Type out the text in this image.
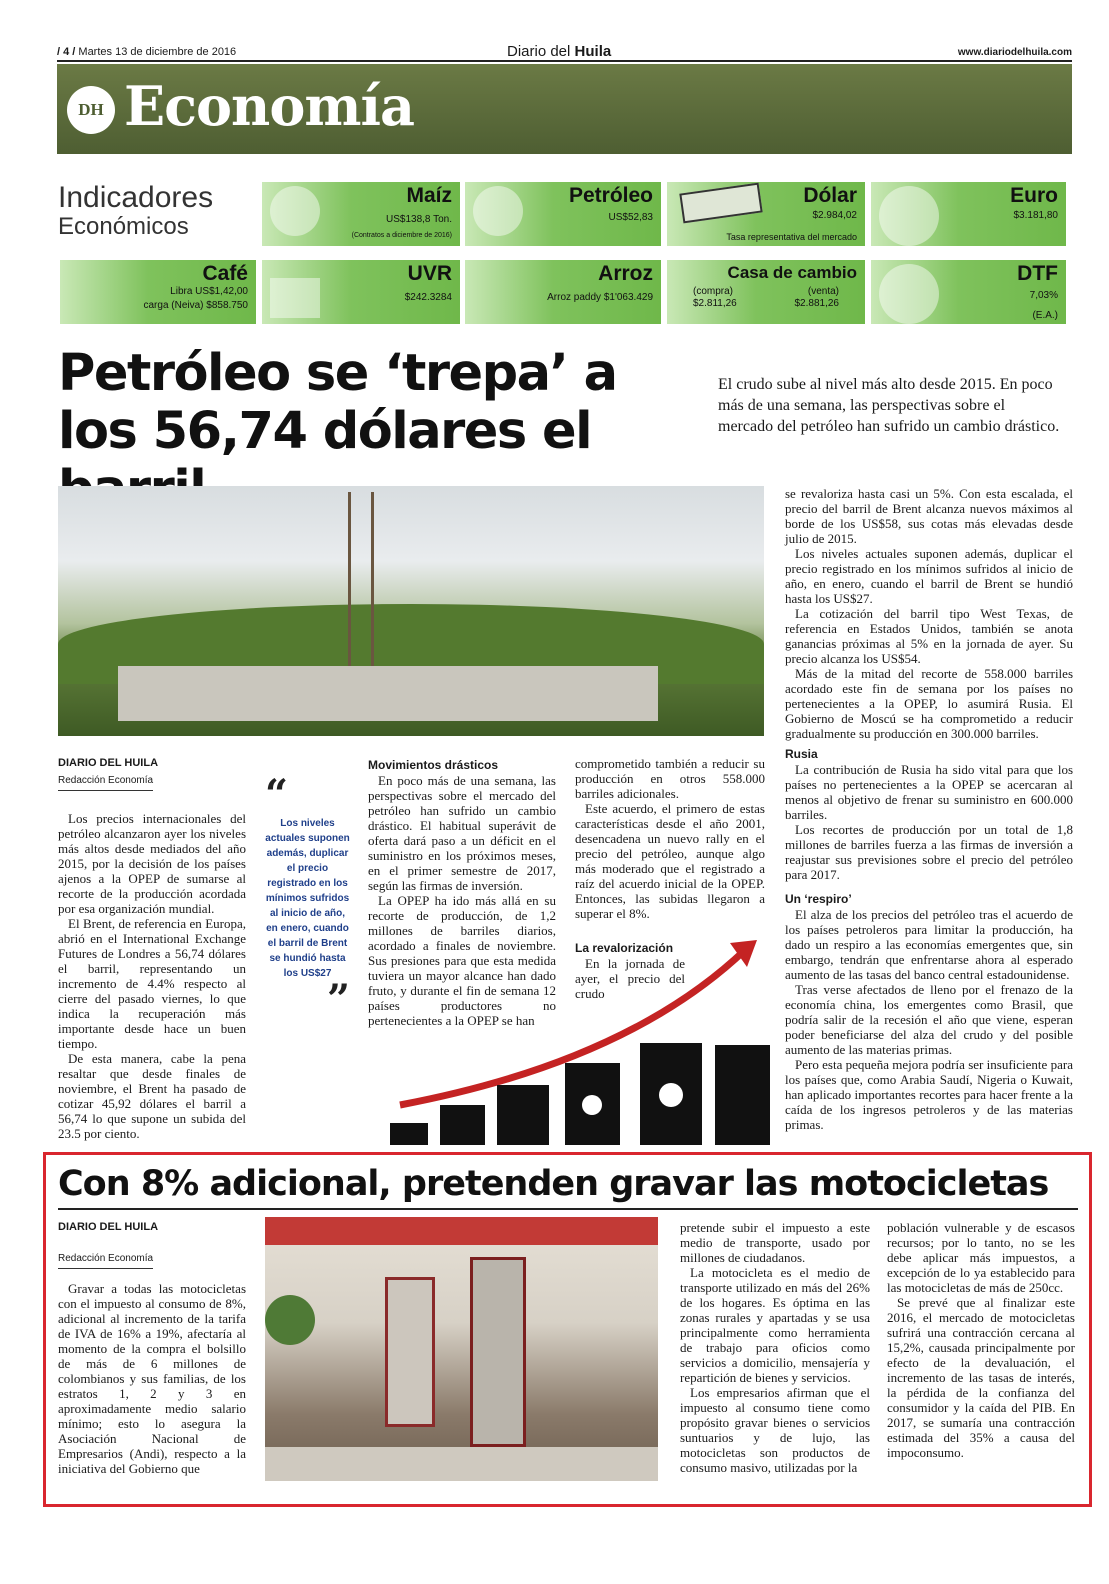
/ 4 / Martes 13 de diciembre de 2016	Diario del Huila	www.diariodelhuila.com
DH Economía
Indicadores
Económicos
Maíz
US$138,8 Ton.
(Contratos a diciembre de 2016)
Petróleo
US$52,83
Dólar
$2.984,02
Tasa representativa del mercado
Euro
$3.181,80
Café
Libra US$1,42,00
carga (Neiva) $858.750
UVR
$242.3284
Arroz
Arroz paddy $1'063.429
Casa de cambio
(compra)
$2.811,26
(venta)
$2.881,26
DTF
7,03%
(E.A.)
Petróleo se ‘trepa’ a los 56,74 dólares el
El crudo sube al nivel más alto desde 2015. En poco más de una semana, las perspectivas sobre el mercado del petróleo han sufrido un cambio drástico.
DIARIO DEL HUILA
Redacción Economía

Los precios internacionales del petróleo alcanzaron ayer los niveles más altos desde mediados del año 2015, por la decisión de los países ajenos a la OPEP de sumarse al recorte de la producción acordada por esa organización mundial.

El Brent, de referencia en Europa, abrió en el International Exchange Futures de Londres a 56,74 dólares el barril, representando un incremento de 4.4% respecto al cierre del pasado viernes, lo que indica la recuperación más importante desde hace un buen tiempo.

De esta manera, cabe la pena resaltar que desde finales de noviembre, el Brent ha pasado de cotizar 45,92 dólares el barril a 56,74 lo que supone un subida del 23.5 por ciento.

“
Los niveles actuales suponen además, duplicar el precio registrado en los mínimos sufridos al inicio de año, en enero, cuando el barril de Brent se hundió hasta los US$27
”
Movimientos drásticos

En poco más de una semana, las perspectivas sobre el mercado del petróleo han sufrido un cambio drástico. El habitual superávit de oferta dará paso a un déficit en el suministro en los próximos meses, en el primer semestre de 2017, según las firmas de inversión.

La OPEP ha ido más allá en su recorte de producción, de 1,2 millones de barriles diarios, acordado a finales de noviembre. Sus presiones para que esta medida tuviera un mayor alcance han dado fruto, y durante el fin de semana 12 países productores no pertenecientes a la OPEP se han

comprometido también a reducir su producción en otros 558.000 barriles adicionales.

Este acuerdo, el primero de estas características desde el año 2001, desencadena un nuevo rally en el precio del petróleo, aunque algo más moderado que el registrado a raíz del acuerdo inicial de la OPEP. Entonces, las subidas llegaron a superar el 8%.

La revalorización

En la jornada de ayer, el precio del crudo

se revaloriza hasta casi un 5%. Con esta escalada, el precio del barril de Brent alcanza nuevos máximos al borde de los US$58, sus cotas más elevadas desde julio de 2015.

Los niveles actuales suponen además, duplicar el precio registrado en los mínimos sufridos al inicio de año, en enero, cuando el barril de Brent se hundió hasta los US$27.

La cotización del barril tipo West Texas, de referencia en Estados Unidos, también se anota ganancias próximas al 5% en la jornada de ayer. Su precio alcanza los US$54.

Más de la mitad del recorte de 558.000 barriles acordado este fin de semana por los países no pertenecientes a la OPEP, lo asumirá Rusia. El Gobierno de Moscú se ha comprometido a reducir gradualmente su producción en 300.000 barriles.

Rusia

La contribución de Rusia ha sido vital para que los países no pertenecientes a la OPEP se acercaran al menos al objetivo de frenar su suministro en 600.000 barriles.

Los recortes de producción por un total de 1,8 millones de barriles fuerza a las firmas de inversión a reajustar sus previsiones sobre el precio del petróleo para 2017.

Un ‘respiro’

El alza de los precios del petróleo tras el acuerdo de los países petroleros para limitar la producción, ha dado un respiro a las economías emergentes que, sin embargo, tendrán que enfrentarse ahora al esperado aumento de las tasas del banco central estadounidense.

Tras verse afectados de lleno por el frenazo de la economía china, los emergentes como Brasil, que podría salir de la recesión el año que viene, esperan poder beneficiarse del alza del crudo y del posible aumento de las materias primas.

Pero esta pequeña mejora podría ser insuficiente para los países que, como Arabia Saudí, Nigeria o Kuwait, han aplicado importantes recortes para hacer frente a la caída de los ingresos petroleros y de las materias primas.

Con 8% adicional, pretenden gravar las motocicletas
DIARIO DEL HUILA
Redacción Economía

Gravar a todas las motocicletas con el impuesto al consumo de 8%, adicional al incremento de la tarifa de IVA de 16% a 19%, afectaría al momento de la compra el bolsillo de más de 6 millones de colombianos y sus familias, de los estratos 1, 2 y 3 en aproximadamente medio salario mínimo; esto lo asegura la Asociación Nacional de Empresarios (Andi), respecto a la iniciativa del Gobierno que

pretende subir el impuesto a este medio de transporte, usado por millones de ciudadanos.

La motocicleta es el medio de transporte utilizado en más del 26% de los hogares. Es óptima en las zonas rurales y apartadas y se usa principalmente como herramienta de trabajo para oficios como servicios a domicilio, mensajería y repartición de bienes y servicios.

Los empresarios afirman que el impuesto al consumo tiene como propósito gravar bienes o servicios suntuarios y de lujo, las motocicletas son productos de consumo masivo, utilizadas por la

población vulnerable y de escasos recursos; por lo tanto, no se les debe aplicar más impuestos, a excepción de lo ya establecido para las motocicletas de más de 250cc.

Se prevé que al finalizar este 2016, el mercado de motocicletas sufrirá una contracción cercana al 15,2%, causada principalmente por efecto de la devaluación, el incremento de las tasas de interés, la pérdida de la confianza del consumidor y la caída del PIB. En 2017, se sumaría una contracción estimada del 35% a causa del impoconsumo.
